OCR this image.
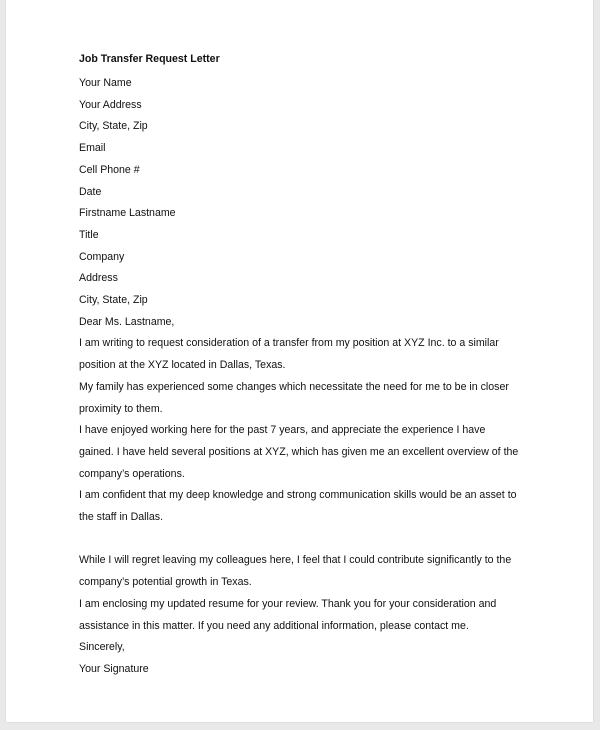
Job Transfer Request Letter

Your Name

Your Address

City, State, Zip

Email

Cell Phone #

Date

Firstname Lastname

Title

Company

Address

City, State, Zip

Dear Ms. Lastname,

I am writing to request consideration of a transfer from my position at XYZ Inc. to a similar

position at the XYZ located in Dallas, Texas.

My family has experienced some changes which necessitate the need for me to be in closer

proximity to them.

I have enjoyed working here for the past 7 years, and appreciate the experience I have

gained. I have held several positions at XYZ, which has given me an excellent overview of the

company’s operations.

I am confident that my deep knowledge and strong communication skills would be an asset to

the staff in Dallas.

While I will regret leaving my colleagues here, I feel that I could contribute significantly to the

company’s potential growth in Texas.

I am enclosing my updated resume for your review. Thank you for your consideration and

assistance in this matter. If you need any additional information, please contact me.

Sincerely,

Your Signature
